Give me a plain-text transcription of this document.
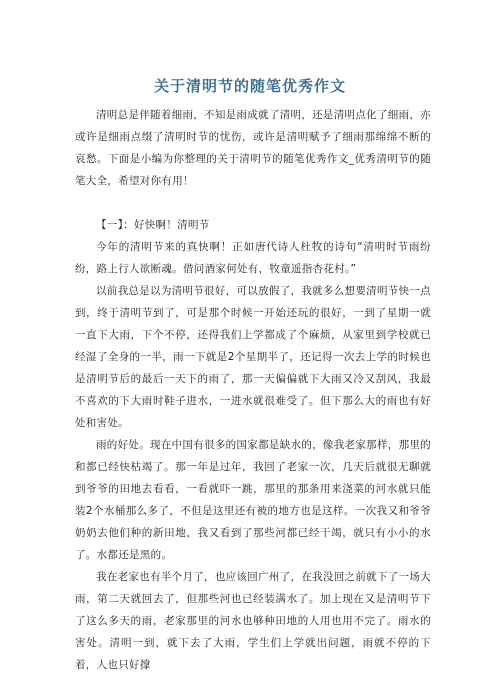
关于清明节的随笔优秀作文

清明总是伴随着细雨，不知是雨成就了清明，还是清明点化了细雨，亦或许是细雨点缀了清明时节的忧伤，或许是清明赋予了细雨那绵绵不断的哀愁。下面是小编为你整理的关于清明节的随笔优秀作文_优秀清明节的随笔大全，希望对你有用！

【一】：好快啊！清明节

今年的清明节来的真快啊！正如唐代诗人杜牧的诗句“清明时节雨纷纷，路上行人欲断魂。借问酒家何处有，牧童遥指杏花村。”

以前我总是以为清明节很好，可以放假了，我就多么想要清明节快一点到，终于清明节到了，可是那个时候一开始还玩的很好，一到了星期一就一直下大雨，下个不停，还得我们上学都成了个麻烦，从家里到学校就已经湿了全身的一半，雨一下就是2个星期半了，还记得一次去上学的时候也是清明节后的最后一天下的雨了，那一天偏偏就下大雨又冷又刮风，我最不喜欢的下大雨时鞋子进水，一进水就很难受了。但下那么大的雨也有好处和害处。

雨的好处。现在中国有很多的国家都是缺水的，像我老家那样，那里的和都已经快枯竭了。那一年是过年，我回了老家一次，几天后就很无聊就到爷爷的田地去看看，一看就吓一跳，那里的那条用来浇菜的河水就只能装2个水桶那么多了，不但是这里还有被的地方也是这样。一次我又和爷爷奶奶去他们种的新田地，我又看到了那些河都已经干竭，就只有小小的水了。水都还是黑的。

我在老家也有半个月了，也应该回广州了，在我没回之前就下了一场大雨，第二天就回去了，但那些河也已经装满水了。加上现在又是清明节下了这么多天的雨，老家那里的河水也够种田地的人用也用不完了。雨水的害处。清明一到，就下去了大雨，学生们上学就出问题，雨就不停的下着，人也只好撑
